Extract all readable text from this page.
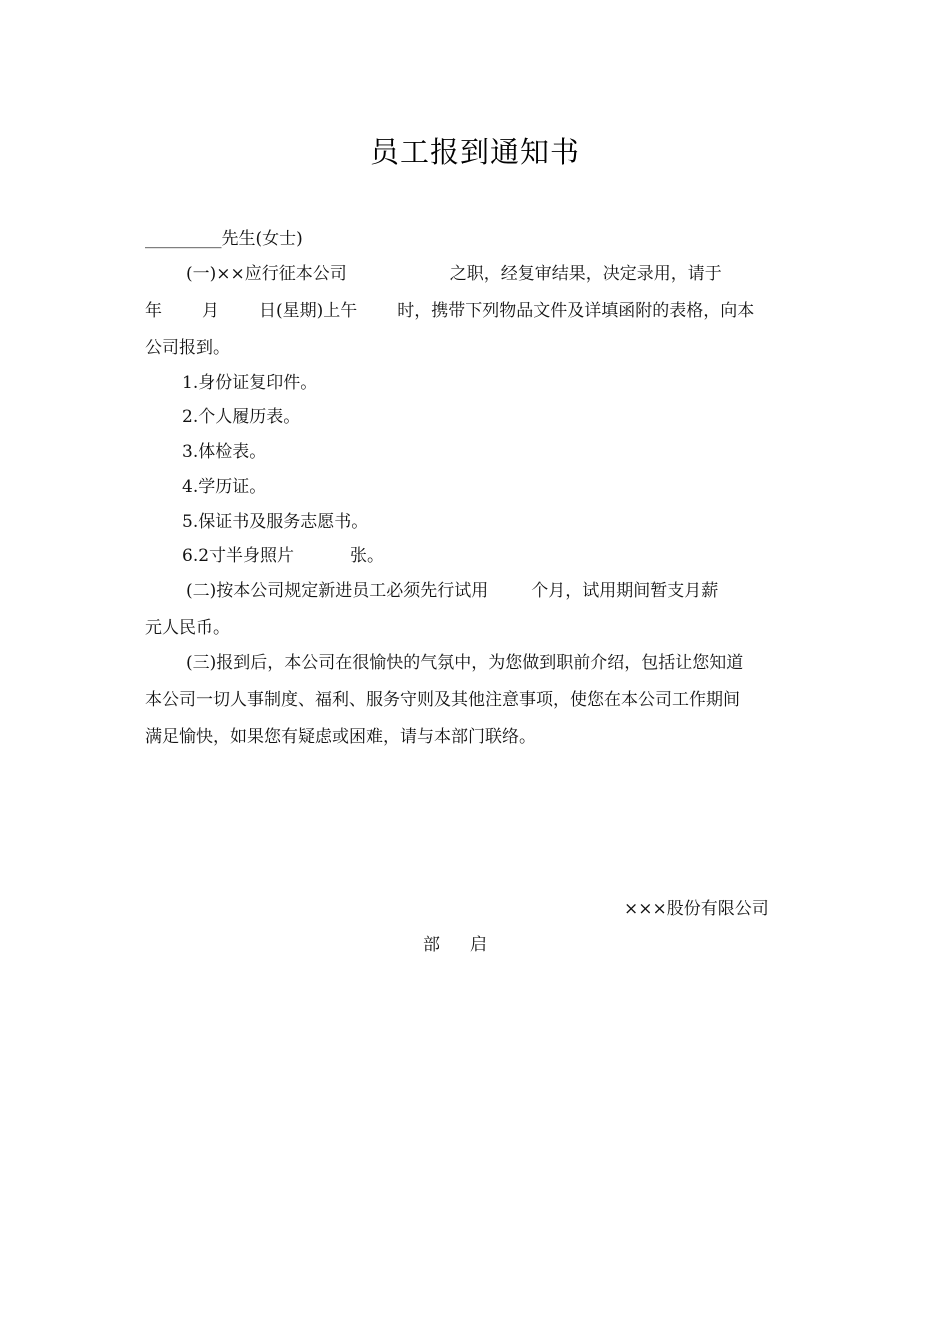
员工报到通知书
_________先生(女士)
(一)××应行征本公司	之职，经复审结果，决定录用，请于
年 月 日(星期)上午 时，携带下列物品文件及详填函附的表格，向本
公司报到。
1.身份证复印件。
2.个人履历表。
3.体检表。
4.学历证。
5.保证书及服务志愿书。
6.2寸半身照片	张。
(二)按本公司规定新进员工必须先行试用	个月，试用期间暂支月薪
元人民币。
(三)报到后，本公司在很愉快的气氛中，为您做到职前介绍，包括让您知道
本公司一切人事制度、福利、服务守则及其他注意事项，使您在本公司工作期间
满足愉快，如果您有疑虑或困难，请与本部门联络。
×××股份有限公司
部 启
